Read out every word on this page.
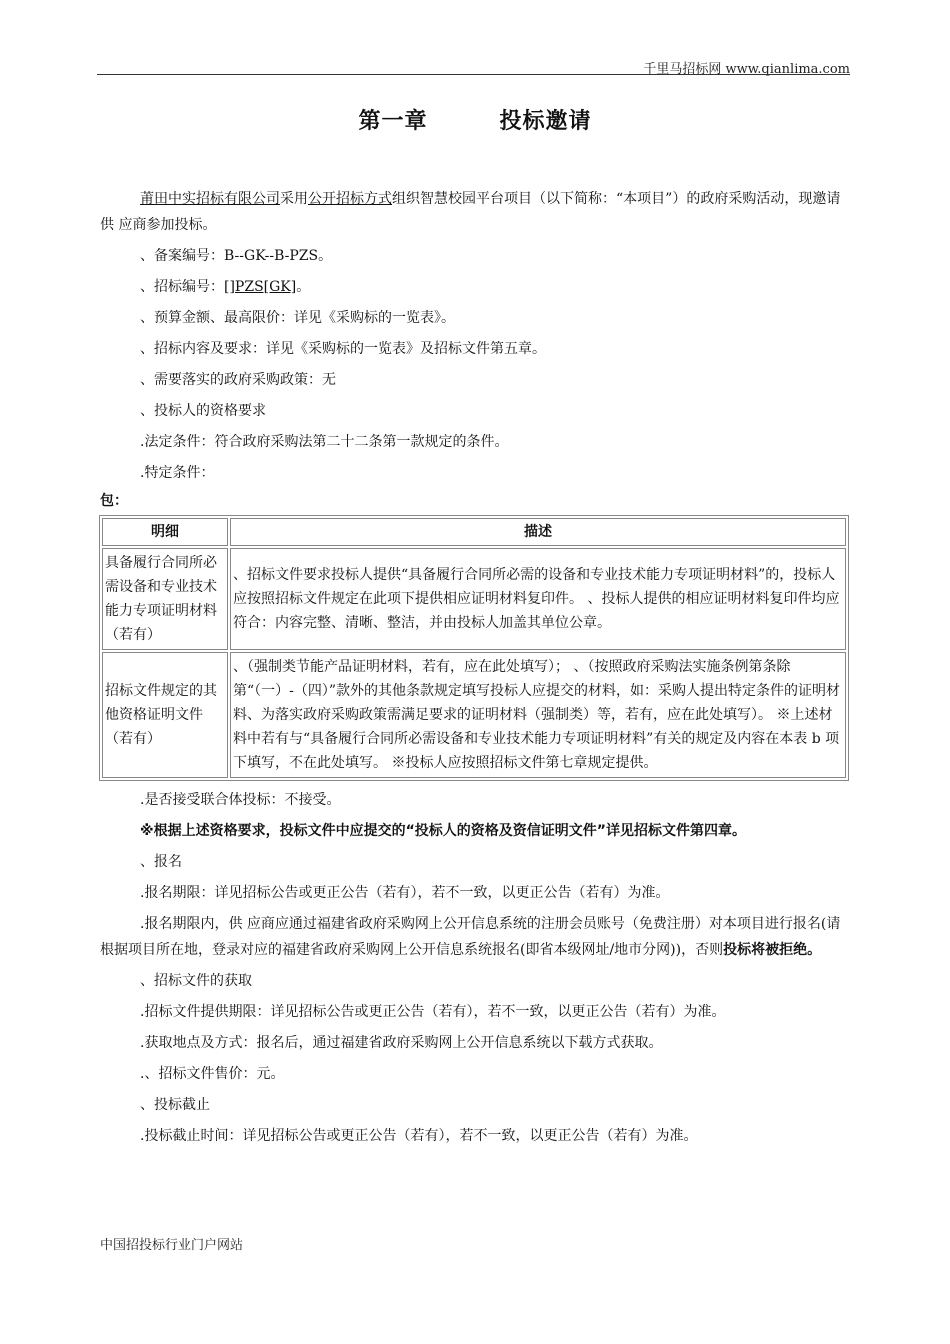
千里马招标网 www.qianlima.com
第一章	投标邀请

莆田中实招标有限公司采用公开招标方式组织智慧校园平台项目（以下简称：“本项目”）的政府采购活动，现邀请供 应商参加投标。

、备案编号：B--GK--B-PZS。

、招标编号：[]PZS[GK]。

、预算金额、最高限价：详见《采购标的一览表》。

、招标内容及要求：详见《采购标的一览表》及招标文件第五章。

、需要落实的政府采购政策：无

、投标人的资格要求

.法定条件：符合政府采购法第二十二条第一款规定的条件。

.特定条件：

包：

明细	描述
具备履行合同所必需设备和专业技术能力专项证明材料（若有）	、招标文件要求投标人提供“具备履行合同所必需的设备和专业技术能力专项证明材料”的，投标人应按照招标文件规定在此项下提供相应证明材料复印件。 、投标人提供的相应证明材料复印件均应符合：内容完整、清晰、整洁，并由投标人加盖其单位公章。
招标文件规定的其他资格证明文件（若有）	、（强制类节能产品证明材料，若有，应在此处填写）； 、（按照政府采购法实施条例第条除第“（一）-（四）”款外的其他条款规定填写投标人应提交的材料，如：采购人提出特定条件的证明材料、为落实政府采购政策需满足要求的证明材料（强制类）等，若有，应在此处填写）。 ※上述材料中若有与“具备履行合同所必需设备和专业技术能力专项证明材料”有关的规定及内容在本表 b 项下填写，不在此处填写。 ※投标人应按照招标文件第七章规定提供。

.是否接受联合体投标：不接受。

※根据上述资格要求，投标文件中应提交的“投标人的资格及资信证明文件”详见招标文件第四章。

、报名

.报名期限：详见招标公告或更正公告（若有），若不一致，以更正公告（若有）为准。

.报名期限内，供 应商应通过福建省政府采购网上公开信息系统的注册会员账号（免费注册）对本项目进行报名(请根据项目所在地，登录对应的福建省政府采购网上公开信息系统报名(即省本级网址/地市分网))，否则投标将被拒绝。

、招标文件的获取

.招标文件提供期限：详见招标公告或更正公告（若有），若不一致，以更正公告（若有）为准。

.获取地点及方式：报名后，通过福建省政府采购网上公开信息系统以下载方式获取。

.、招标文件售价：元。

、投标截止

.投标截止时间：详见招标公告或更正公告（若有），若不一致，以更正公告（若有）为准。

中国招投标行业门户网站
